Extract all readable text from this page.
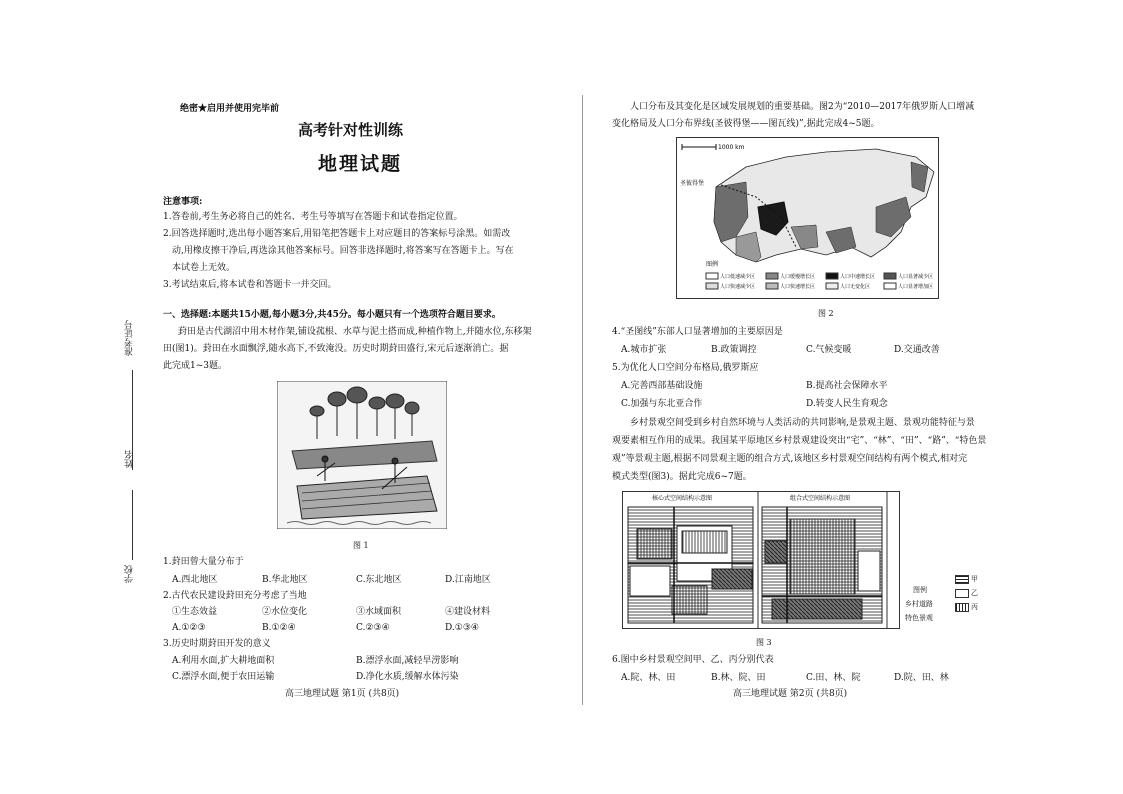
准考证号
姓名
学校
绝密★启用并使用完毕前
高考针对性训练
地理试题
注意事项:
1.答卷前,考生务必将自己的姓名、考生号等填写在答题卡和试卷指定位置。
2.回答选择题时,选出每小题答案后,用铅笔把答题卡上对应题目的答案标号涂黑。如需改
动,用橡皮擦干净后,再选涂其他答案标号。回答非选择题时,将答案写在答题卡上。写在
本试卷上无效。
3.考试结束后,将本试卷和答题卡一并交回。
一、选择题:本题共15小题,每小题3分,共45分。每小题只有一个选项符合题目要求。
葑田是古代湖沼中用木材作架,铺设菰根、水草与泥土搭而成,种植作物上,并随水位,东移架
田(图1)。葑田在水面飘浮,随水高下,不致淹没。历史时期葑田盛行,宋元后逐渐消亡。据
此完成1~3题。
图 1
1.葑田曾大量分布于
A.西北地区	B.华北地区	C.东北地区	D.江南地区
2.古代农民建设葑田充分考虑了当地
①生态效益	②水位变化	③水域面积	④建设材料
A.①②③	B.①②④	C.②③④	D.①③④
3.历史时期葑田开发的意义
A.利用水面,扩大耕地面积	B.漂浮水面,减轻旱涝影响
C.漂浮水面,便于农田运输	D.净化水质,缓解水体污染
高三地理试题 第1页 (共8页)
人口分布及其变化是区域发展规划的重要基础。图2为“2010—2017年俄罗斯人口增减
变化格局及人口分布界线(圣彼得堡——图瓦线)”,据此完成4~5题。
1000 km
圣彼得堡
图例
人口低速减少区
人口快速减少区
人口缓慢增长区
人口快速增长区
人口中速增长区
人口无变化区
人口显著减少区
人口显著增加区
图 2
4.“圣图线”东部人口显著增加的主要原因是
A.城市扩张	B.政策调控	C.气候变暖	D.交通改善
5.为优化人口空间分布格局,俄罗斯应
A.完善西部基础设施	B.提高社会保障水平
C.加强与东北亚合作	D.转变人民生育观念
乡村景观空间受到乡村自然环境与人类活动的共同影响,是景观主题、景观功能特征与景
观要素相互作用的成果。我国某平原地区乡村景观建设突出“宅”、“林”、“田”、“路”、“特色景
观”等景观主题,根据不同景观主题的组合方式,该地区乡村景观空间结构有两个模式,相对完
模式类型(图3)。据此完成6~7题。
核心式空间结构示意图	组合式空间结构示意图
图例
乡村道路
特色景观
甲
乙
丙
图 3
6.图中乡村景观空间甲、乙、丙分别代表
A.院、林、田	B.林、院、田	C.田、林、院	D.院、田、林
高三地理试题 第2页 (共8页)
